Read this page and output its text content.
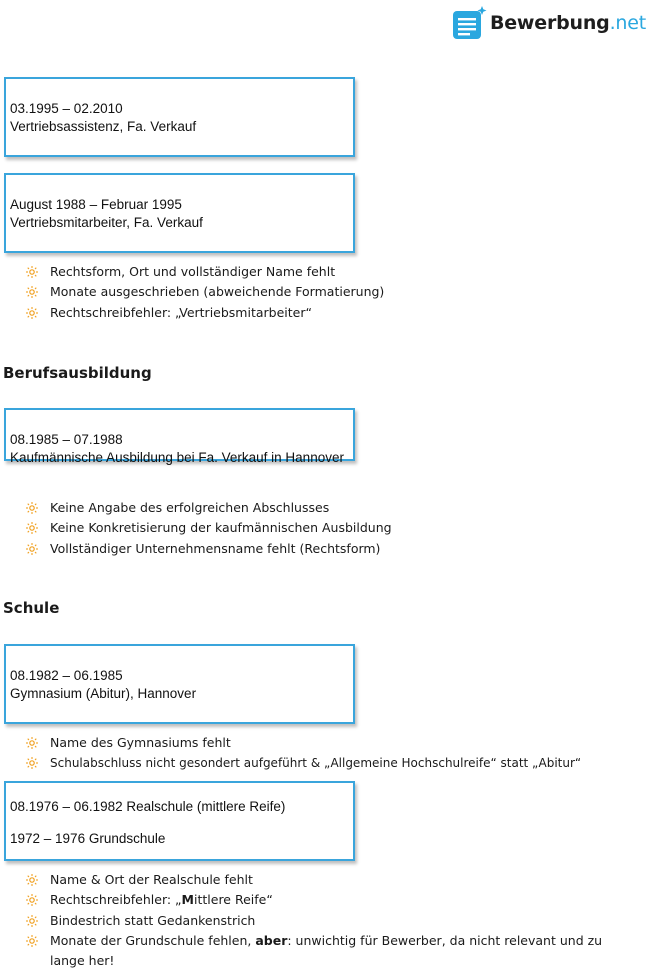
Bewerbung.net
03.1995 – 02.2010
Vertriebsassistenz, Fa. Verkauf
August 1988 – Februar 1995
Vertriebsmitarbeiter, Fa. Verkauf
Rechtsform, Ort und vollständiger Name fehlt
Monate ausgeschrieben (abweichende Formatierung)
Rechtschreibfehler: „Vertriebsmitarbeiter“
Berufsausbildung
08.1985 – 07.1988
Kaufmännische Ausbildung bei Fa. Verkauf in Hannover
Keine Angabe des erfolgreichen Abschlusses
Keine Konkretisierung der kaufmännischen Ausbildung
Vollständiger Unternehmensname fehlt (Rechtsform)
Schule
08.1982 – 06.1985
Gymnasium (Abitur), Hannover
Name des Gymnasiums fehlt
Schulabschluss nicht gesondert aufgeführt & „Allgemeine Hochschulreife“ statt „Abitur“
08.1976 – 06.1982 Realschule (mittlere Reife)
1972 – 1976 Grundschule
Name & Ort der Realschule fehlt
Rechtschreibfehler: „Mittlere Reife“
Bindestrich statt Gedankenstrich
Monate der Grundschule fehlen, aber: unwichtig für Bewerber, da nicht relevant und zu lange her!
